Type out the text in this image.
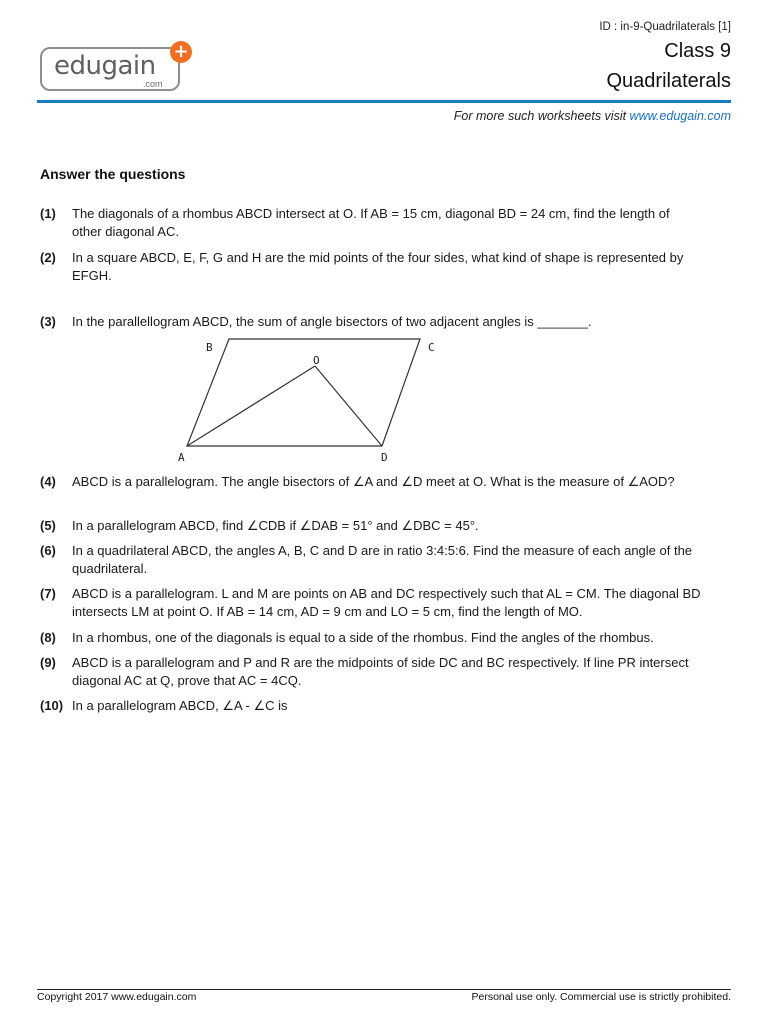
ID : in-9-Quadrilaterals [1]
Class 9
Quadrilaterals
edugain
.com
+
For more such worksheets visit www.edugain.com
Answer the questions
(1) The diagonals of a rhombus ABCD intersect at O. If AB = 15 cm, diagonal BD = 24 cm, find the length of other diagonal AC.
(2) In a square ABCD, E, F, G and H are the mid points of the four sides, what kind of shape is represented by EFGH.
(3) In the parallellogram ABCD, the sum of angle bisectors of two adjacent angles is _______.
B	C
O
A	D
(4) ABCD is a parallelogram. The angle bisectors of ∠A and ∠D meet at O. What is the measure of ∠AOD?
(5) In a parallelogram ABCD, find ∠CDB if ∠DAB = 51° and ∠DBC = 45°.
(6) In a quadrilateral ABCD, the angles A, B, C and D are in ratio 3:4:5:6. Find the measure of each angle of the quadrilateral.
(7) ABCD is a parallelogram. L and M are points on AB and DC respectively such that AL = CM. The diagonal BD intersects LM at point O. If AB = 14 cm, AD = 9 cm and LO = 5 cm, find the length of MO.
(8) In a rhombus, one of the diagonals is equal to a side of the rhombus. Find the angles of the rhombus.
(9) ABCD is a parallelogram and P and R are the midpoints of side DC and BC respectively. If line PR intersect diagonal AC at Q, prove that AC = 4CQ.
(10) In a parallelogram ABCD, ∠A - ∠C is
Copyright 2017 www.edugain.com	Personal use only. Commercial use is strictly prohibited.
